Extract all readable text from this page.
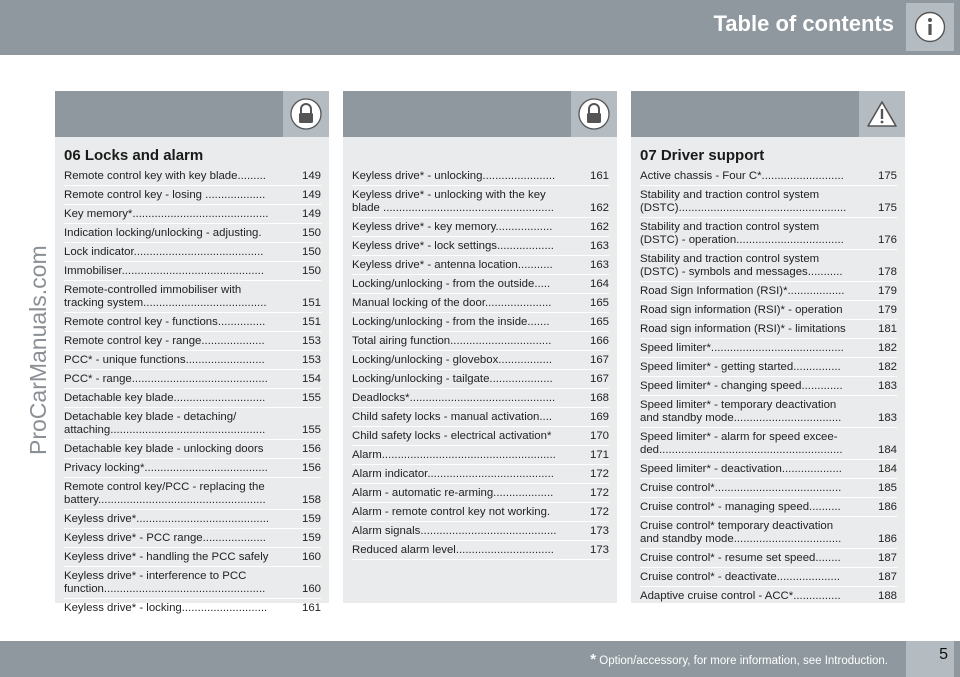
Table of contents
ProCarManuals.com
06 Locks and alarm
Remote control key with key blade.........	149
Remote control key - losing ...................	149
Key memory*...........................................	149
Indication locking/unlocking - adjusting.	150
Lock indicator.........................................	150
Immobiliser.............................................	150
Remote-controlled immobiliser with
tracking system.......................................	151
Remote control key - functions...............	151
Remote control key - range....................	153
PCC* - unique functions.........................	153
PCC* - range...........................................	154
Detachable key blade.............................	155
Detachable key blade - detaching/
attaching.................................................	155
Detachable key blade - unlocking doors	156
Privacy locking*.......................................	156
Remote control key/PCC - replacing the
battery.....................................................	158
Keyless drive*..........................................	159
Keyless drive* - PCC range....................	159
Keyless drive* - handling the PCC safely	160
Keyless drive* - interference to PCC
function...................................................	160
Keyless drive* - locking...........................	161
Keyless drive* - unlocking.......................	161
Keyless drive* - unlocking with the key
blade ......................................................	162
Keyless drive* - key memory..................	162
Keyless drive* - lock settings..................	163
Keyless drive* - antenna location...........	163
Locking/unlocking - from the outside.....	164
Manual locking of the door.....................	165
Locking/unlocking - from the inside.......	165
Total airing function................................	166
Locking/unlocking - glovebox.................	167
Locking/unlocking - tailgate....................	167
Deadlocks*..............................................	168
Child safety locks - manual activation....	169
Child safety locks - electrical activation*	170
Alarm.......................................................	171
Alarm indicator........................................	172
Alarm - automatic re-arming...................	172
Alarm - remote control key not working.	172
Alarm signals...........................................	173
Reduced alarm level...............................	173
07 Driver support
Active chassis - Four C*..........................	175
Stability and traction control system
(DSTC).....................................................	175
Stability and traction control system
(DSTC) - operation..................................	176
Stability and traction control system
(DSTC) - symbols and messages...........	178
Road Sign Information (RSI)*..................	179
Road sign information (RSI)* - operation	179
Road sign information (RSI)* - limitations	181
Speed limiter*..........................................	182
Speed limiter* - getting started...............	182
Speed limiter* - changing speed.............	183
Speed limiter* - temporary deactivation
and standby mode..................................	183
Speed limiter* - alarm for speed excee-
ded..........................................................	184
Speed limiter* - deactivation...................	184
Cruise control*........................................	185
Cruise control* - managing speed..........	186
Cruise control* temporary deactivation
and standby mode..................................	186
Cruise control* - resume set speed........	187
Cruise control* - deactivate....................	187
Adaptive cruise control - ACC*...............	188
* Option/accessory, for more information, see Introduction.	5
